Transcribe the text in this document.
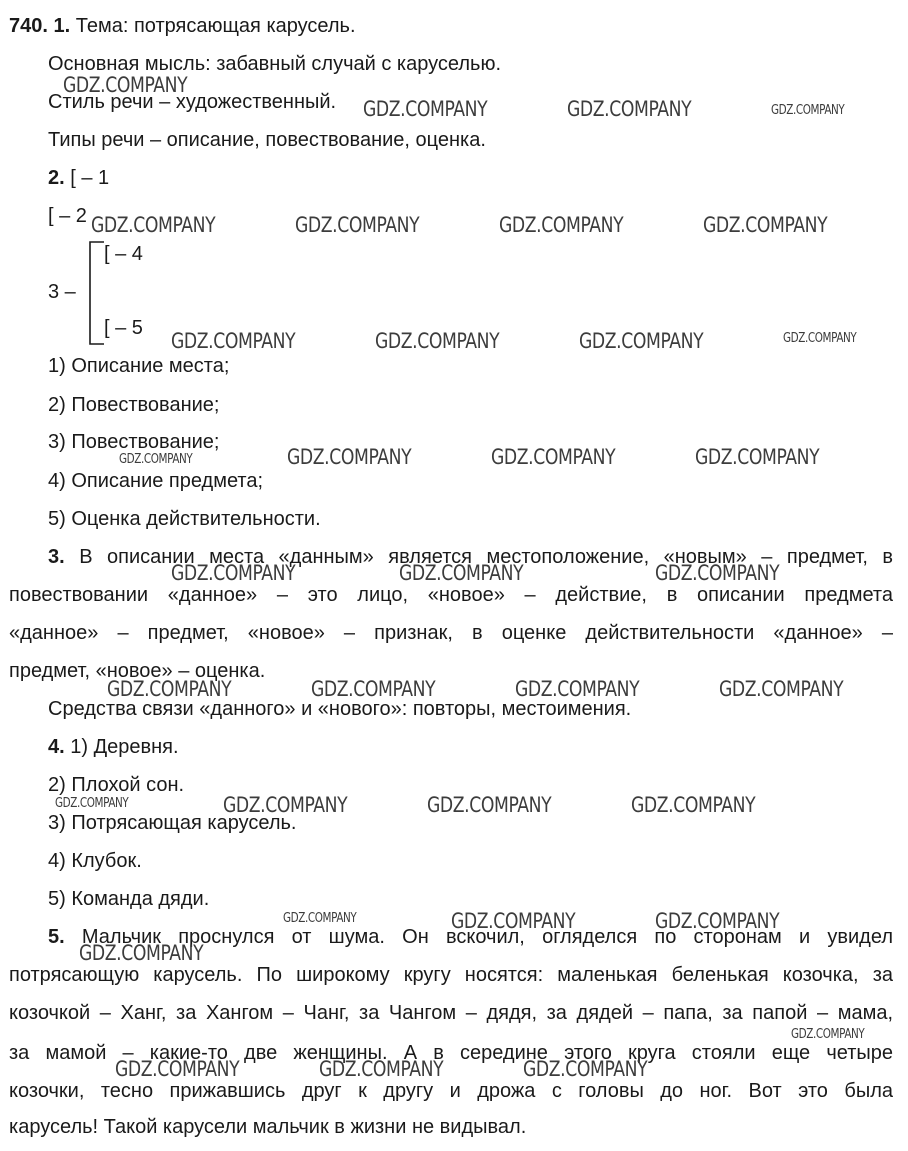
740. 1. Тема: потрясающая карусель.
Основная мысль: забавный случай с каруселью.
Стиль речи – художественный.
Типы речи – описание, повествование, оценка.
2. [ – 1
[ – 2
[ – 4
3 –
[ – 5
1) Описание места;
2) Повествование;
3) Повествование;
4) Описание предмета;
5) Оценка действительности.
3. В описании места «данным» является местоположение, «новым» – предмет, в
повествовании «данное» – это лицо, «новое» – действие, в описании предмета
«данное» – предмет, «новое» – признак, в оценке действительности «данное» –
предмет, «новое» – оценка.
Средства связи «данного» и «нового»: повторы, местоимения.
4. 1) Деревня.
2) Плохой сон.
3) Потрясающая карусель.
4) Клубок.
5) Команда дяди.
5. Мальчик проснулся от шума. Он вскочил, огляделся по сторонам и увидел
потрясающую карусель. По широкому кругу носятся: маленькая беленькая козочка, за
козочкой – Ханг, за Хангом – Чанг, за Чангом – дядя, за дядей – папа, за папой – мама,
за мамой – какие-то две женщины. А в середине этого круга стояли еще четыре
козочки, тесно прижавшись друг к другу и дрожа с головы до ног. Вот это была
карусель! Такой карусели мальчик в жизни не видывал.
GDZ.COMPANY
GDZ.COMPANY	GDZ.COMPANY	GDZ.COMPANY
GDZ.COMPANY	GDZ.COMPANY	GDZ.COMPANY	GDZ.COMPANY
GDZ.COMPANY	GDZ.COMPANY	GDZ.COMPANY	GDZ.COMPANY
GDZ.COMPANY	GDZ.COMPANY	GDZ.COMPANY	GDZ.COMPANY
GDZ.COMPANY	GDZ.COMPANY	GDZ.COMPANY
GDZ.COMPANY	GDZ.COMPANY	GDZ.COMPANY	GDZ.COMPANY
GDZ.COMPANY	GDZ.COMPANY	GDZ.COMPANY	GDZ.COMPANY
GDZ.COMPANY	GDZ.COMPANY	GDZ.COMPANY
GDZ.COMPANY
GDZ.COMPANY
GDZ.COMPANY	GDZ.COMPANY	GDZ.COMPANY
